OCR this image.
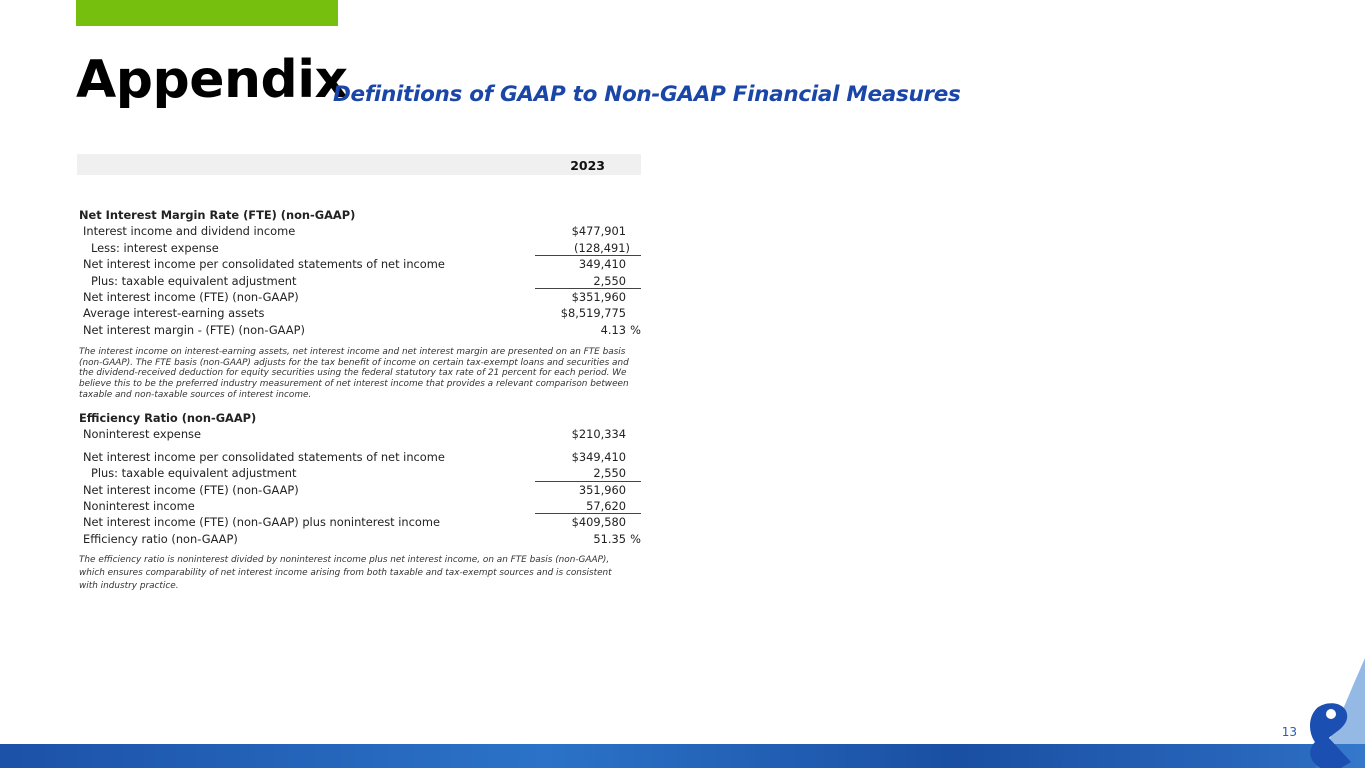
Appendix
Definitions of GAAP to Non-GAAP Financial Measures
2023
Net Interest Margin Rate (FTE) (non-GAAP)
Interest income and dividend income	$477,901
Less: interest expense	(128,491)
Net interest income per consolidated statements of net income	349,410
Plus: taxable equivalent adjustment	2,550
Net interest income (FTE) (non-GAAP)	$351,960
Average interest-earning assets	$8,519,775
Net interest margin - (FTE) (non-GAAP)	4.13 %
The interest income on interest-earning assets, net interest income and net interest margin are presented on an FTE basis (non-GAAP). The FTE basis (non-GAAP) adjusts for the tax benefit of income on certain tax-exempt loans and securities and the dividend-received deduction for equity securities using the federal statutory tax rate of 21 percent for each period. We believe this to be the preferred industry measurement of net interest income that provides a relevant comparison between taxable and non-taxable sources of interest income.
Efficiency Ratio (non-GAAP)
Noninterest expense	$210,334
Net interest income per consolidated statements of net income	$349,410
Plus: taxable equivalent adjustment	2,550
Net interest income (FTE) (non-GAAP)	351,960
Noninterest income	57,620
Net interest income (FTE) (non-GAAP) plus noninterest income	$409,580
Efficiency ratio (non-GAAP)	51.35 %
The efficiency ratio is noninterest divided by noninterest income plus net interest income, on an FTE basis (non-GAAP), which ensures comparability of net interest income arising from both taxable and tax-exempt sources and is consistent with industry practice.
13
